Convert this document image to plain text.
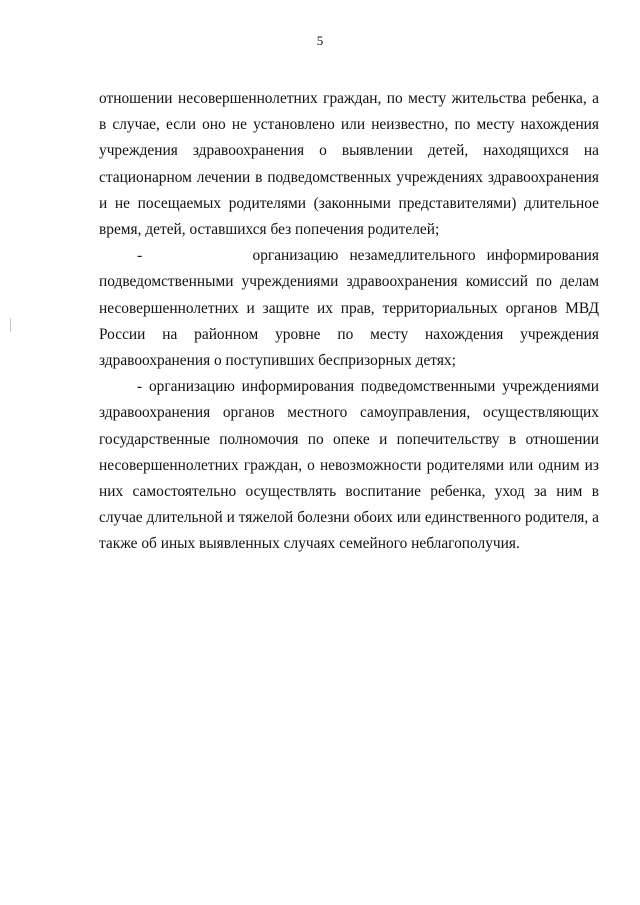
5

отношении несовершеннолетних граждан, по месту жительства ребенка, а в случае, если оно не установлено или неизвестно, по месту нахождения учреждения здравоохранения о выявлении детей, находящихся на стационарном лечении в подведомственных учреждениях здравоохранения и не посещаемых родителями (законными представителями) длительное время, детей, оставшихся без попечения родителей;

-          организацию незамедлительного информирования подведомственными учреждениями здравоохранения комиссий по делам несовершеннолетних и защите их прав, территориальных органов МВД России на районном уровне по месту нахождения учреждения здравоохранения о поступивших беспризорных детях;

- организацию информирования подведомственными учреждениями здравоохранения органов местного самоуправления, осуществляющих государственные полномочия по опеке и попечительству в отношении несовершеннолетних граждан, о невозможности родителями или одним из них самостоятельно осуществлять воспитание ребенка, уход за ним в случае длительной и тяжелой болезни обоих или единственного родителя, а также об иных выявленных случаях семейного неблагополучия.
